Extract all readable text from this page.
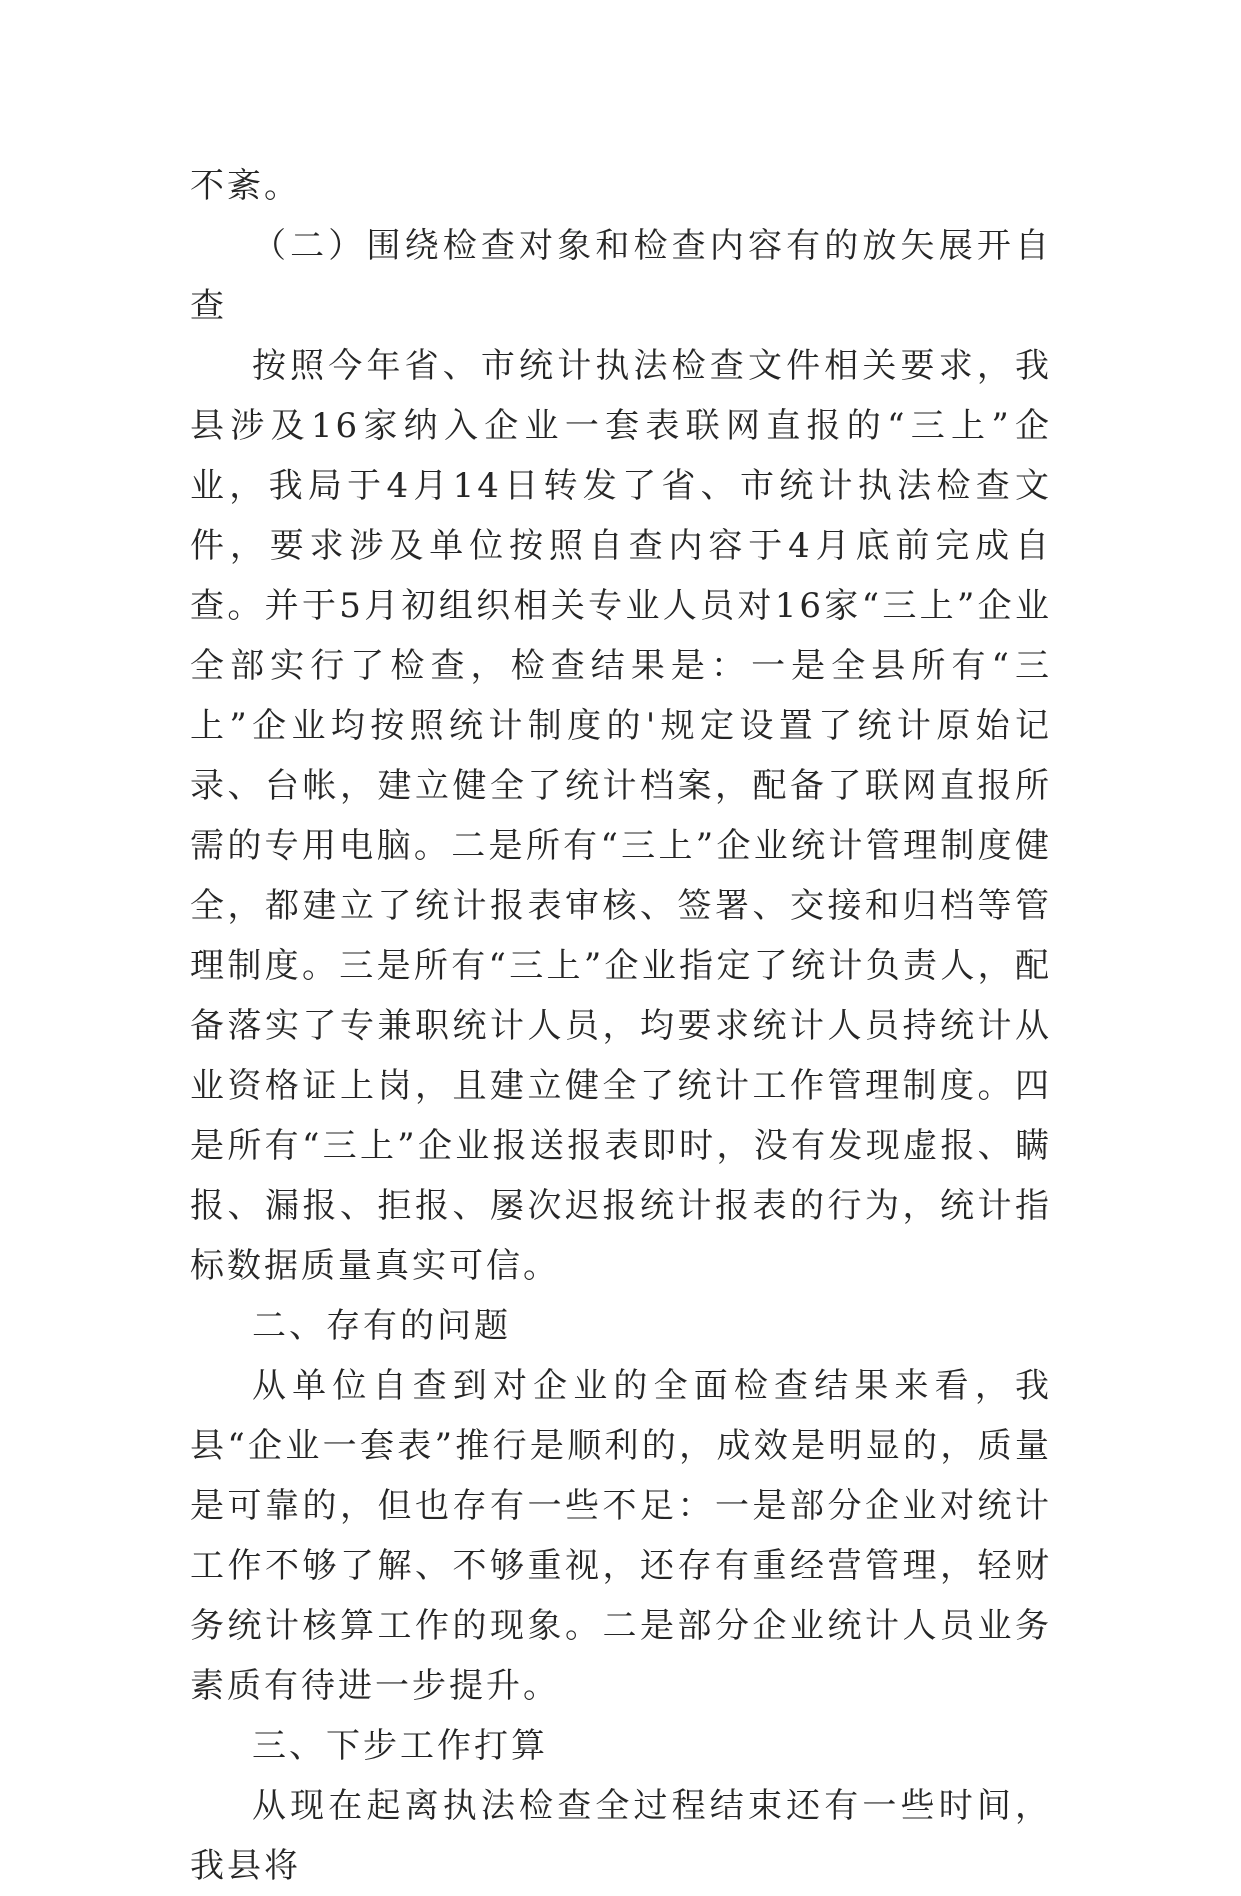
不紊。

（二）围绕检查对象和检查内容有的放矢展开自查

按照今年省、市统计执法检查文件相关要求，我县涉及16家纳入企业一套表联网直报的“三上”企业，我局于4月14日转发了省、市统计执法检查文件，要求涉及单位按照自查内容于4月底前完成自查。并于5月初组织相关专业人员对16家“三上”企业全部实行了检查，检查结果是：一是全县所有“三上”企业均按照统计制度的'规定设置了统计原始记录、台帐，建立健全了统计档案，配备了联网直报所需的专用电脑。二是所有“三上”企业统计管理制度健全，都建立了统计报表审核、签署、交接和归档等管理制度。三是所有“三上”企业指定了统计负责人，配备落实了专兼职统计人员，均要求统计人员持统计从业资格证上岗，且建立健全了统计工作管理制度。四是所有“三上”企业报送报表即时，没有发现虚报、瞒报、漏报、拒报、屡次迟报统计报表的行为，统计指标数据质量真实可信。

二、存有的问题

从单位自查到对企业的全面检查结果来看，我县“企业一套表”推行是顺利的，成效是明显的，质量是可靠的，但也存有一些不足：一是部分企业对统计工作不够了解、不够重视，还存有重经营管理，轻财务统计核算工作的现象。二是部分企业统计人员业务素质有待进一步提升。

三、下步工作打算

从现在起离执法检查全过程结束还有一些时间，我县将
